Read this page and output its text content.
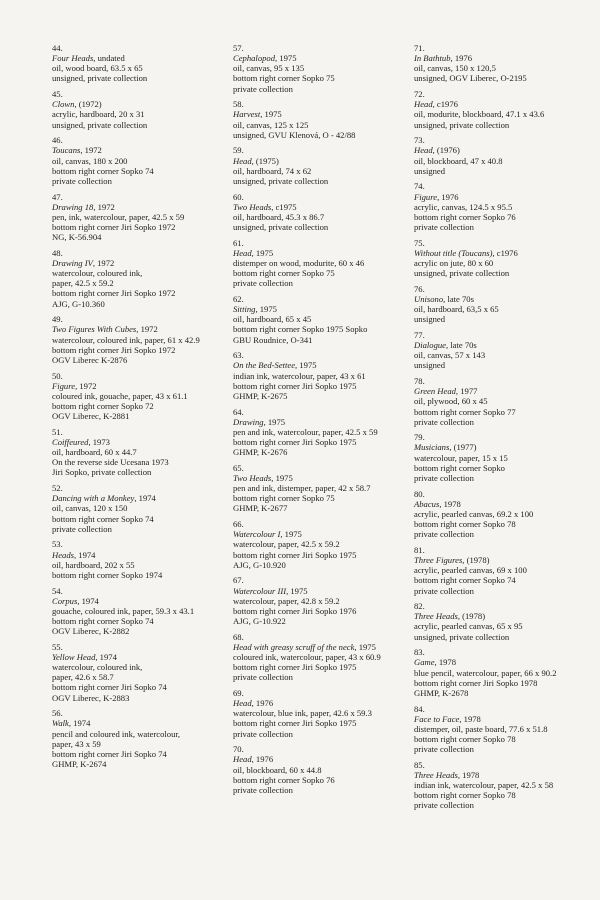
44.
Four Heads, undated
oil, wood board, 63.5 x 65
unsigned, private collection
45.
Clown, (1972)
acrylic, hardboard, 20 x 31
unsigned, private collection
46.
Toucans, 1972
oil, canvas, 180 x 200
bottom right corner Sopko 74
private collection
47.
Drawing 18, 1972
pen, ink, watercolour, paper, 42.5 x 59
bottom right corner Jiri Sopko 1972
NG, K-56.904
48.
Drawing IV, 1972
watercolour, coloured ink,
paper, 42.5 x 59.2
bottom right corner Jiri Sopko 1972
AJG, G-10.360
49.
Two Figures With Cubes, 1972
watercolour, coloured ink, paper, 61 x 42.9
bottom right corner Jiri Sopko 1972
OGV Liberec K-2876
50.
Figure, 1972
coloured ink, gouache, paper, 43 x 61.1
bottom right corner Sopko 72
OGV Liberec, K-2881
51.
Coiffeured, 1973
oil, hardboard, 60 x 44.7
On the reverse side Ucesana 1973
Jiri Sopko, private collection
52.
Dancing with a Monkey, 1974
oil, canvas, 120 x 150
bottom right corner Sopko 74
private collection
53.
Heads, 1974
oil, hardboard, 202 x 55
bottom right corner Sopko 1974
54.
Corpus, 1974
gouache, coloured ink, paper, 59.3 x 43.1
bottom right corner Sopko 74
OGV Liberec, K-2882
55.
Yellow Head, 1974
watercolour, coloured ink,
paper, 42.6 x 58.7
bottom right corner Jiri Sopko 74
OGV Liberec, K-2883
56.
Walk, 1974
pencil and coloured ink, watercolour,
paper, 43 x 59
bottom right corner Jiri Sopko 74
GHMP, K-2674
57.
Cephalopod, 1975
oil, canvas, 95 x 135
bottom right corner Sopko 75
private collection
58.
Harvest, 1975
oil, canvas, 125 x 125
unsigned, GVU Klenová, O - 42/88
59.
Head, (1975)
oil, hardboard, 74 x 62
unsigned, private collection
60.
Two Heads, c1975
oil, hardboard, 45.3 x 86.7
unsigned, private collection
61.
Head, 1975
distemper on wood, modurite, 60 x 46
bottom right corner Sopko 75
private collection
62.
Sitting, 1975
oil, hardboard, 65 x 45
bottom right corner Sopko 1975 Sopko
GBU Roudnice, O-341
63.
On the Bed-Settee, 1975
indian ink, watercolour, paper, 43 x 61
bottom right corner Jiri Sopko 1975
GHMP, K-2675
64.
Drawing, 1975
pen and ink, watercolour, paper, 42.5 x 59
bottom right corner Jiri Sopko 1975
GHMP, K-2676
65.
Two Heads, 1975
pen and ink, distemper, paper, 42 x 58.7
bottom right corner Sopko 75
GHMP, K-2677
66.
Watercolour I, 1975
watercolour, paper, 42.5 x 59.2
bottom right corner Jiri Sopko 1975
AJG, G-10.920
67.
Watercolour III, 1975
watercolour, paper, 42.8 x 59.2
bottom right corner Jiri Sopko 1976
AJG, G-10.922
68.
Head with greasy scruff of the neck, 1975
coloured ink, watercolour, paper, 43 x 60.9
bottom right corner Jiri Sopko 1975
private collection
69.
Head, 1976
watercolour, blue ink, paper, 42.6 x 59.3
bottom right corner Jiri Sopko 1975
private collection
70.
Head, 1976
oil, blockboard, 60 x 44.8
bottom right corner Sopko 76
private collection
71.
In Bathtub, 1976
oil, canvas, 150 x 120,5
unsigned, OGV Liberec, O-2195
72.
Head, c1976
oil, modurite, blockboard, 47.1 x 43.6
unsigned, private collection
73.
Head, (1976)
oil, blockboard, 47 x 40.8
unsigned
74.
Figure, 1976
acrylic, canvas, 124.5 x 95.5
bottom right corner Sopko 76
private collection
75.
Without title (Toucans), c1976
acrylic on jute, 80 x 60
unsigned, private collection
76.
Unisono, late 70s
oil, hardboard, 63,5 x 65
unsigned
77.
Dialogue, late 70s
oil, canvas, 57 x 143
unsigned
78.
Green Head, 1977
oil, plywood, 60 x 45
bottom right corner Sopko 77
private collection
79.
Musicians, (1977)
watercolour, paper, 15 x 15
bottom right corner Sopko
private collection
80.
Abacus, 1978
acrylic, pearled canvas, 69.2 x 100
bottom right corner Sopko 78
private collection
81.
Three Figures, (1978)
acrylic, pearled canvas, 69 x 100
bottom right corner Sopko 74
private collection
82.
Three Heads, (1978)
acrylic, pearled canvas, 65 x 95
unsigned, private collection
83.
Game, 1978
blue pencil, watercolour, paper, 66 x 90.2
bottom right corner Jiri Sopko 1978
GHMP, K-2678
84.
Face to Face, 1978
distemper, oil, paste board, 77.6 x 51.8
bottom right corner Sopko 78
private collection
85.
Three Heads, 1978
indian ink, watercolour, paper, 42.5 x 58
bottom right corner Sopko 78
private collection
